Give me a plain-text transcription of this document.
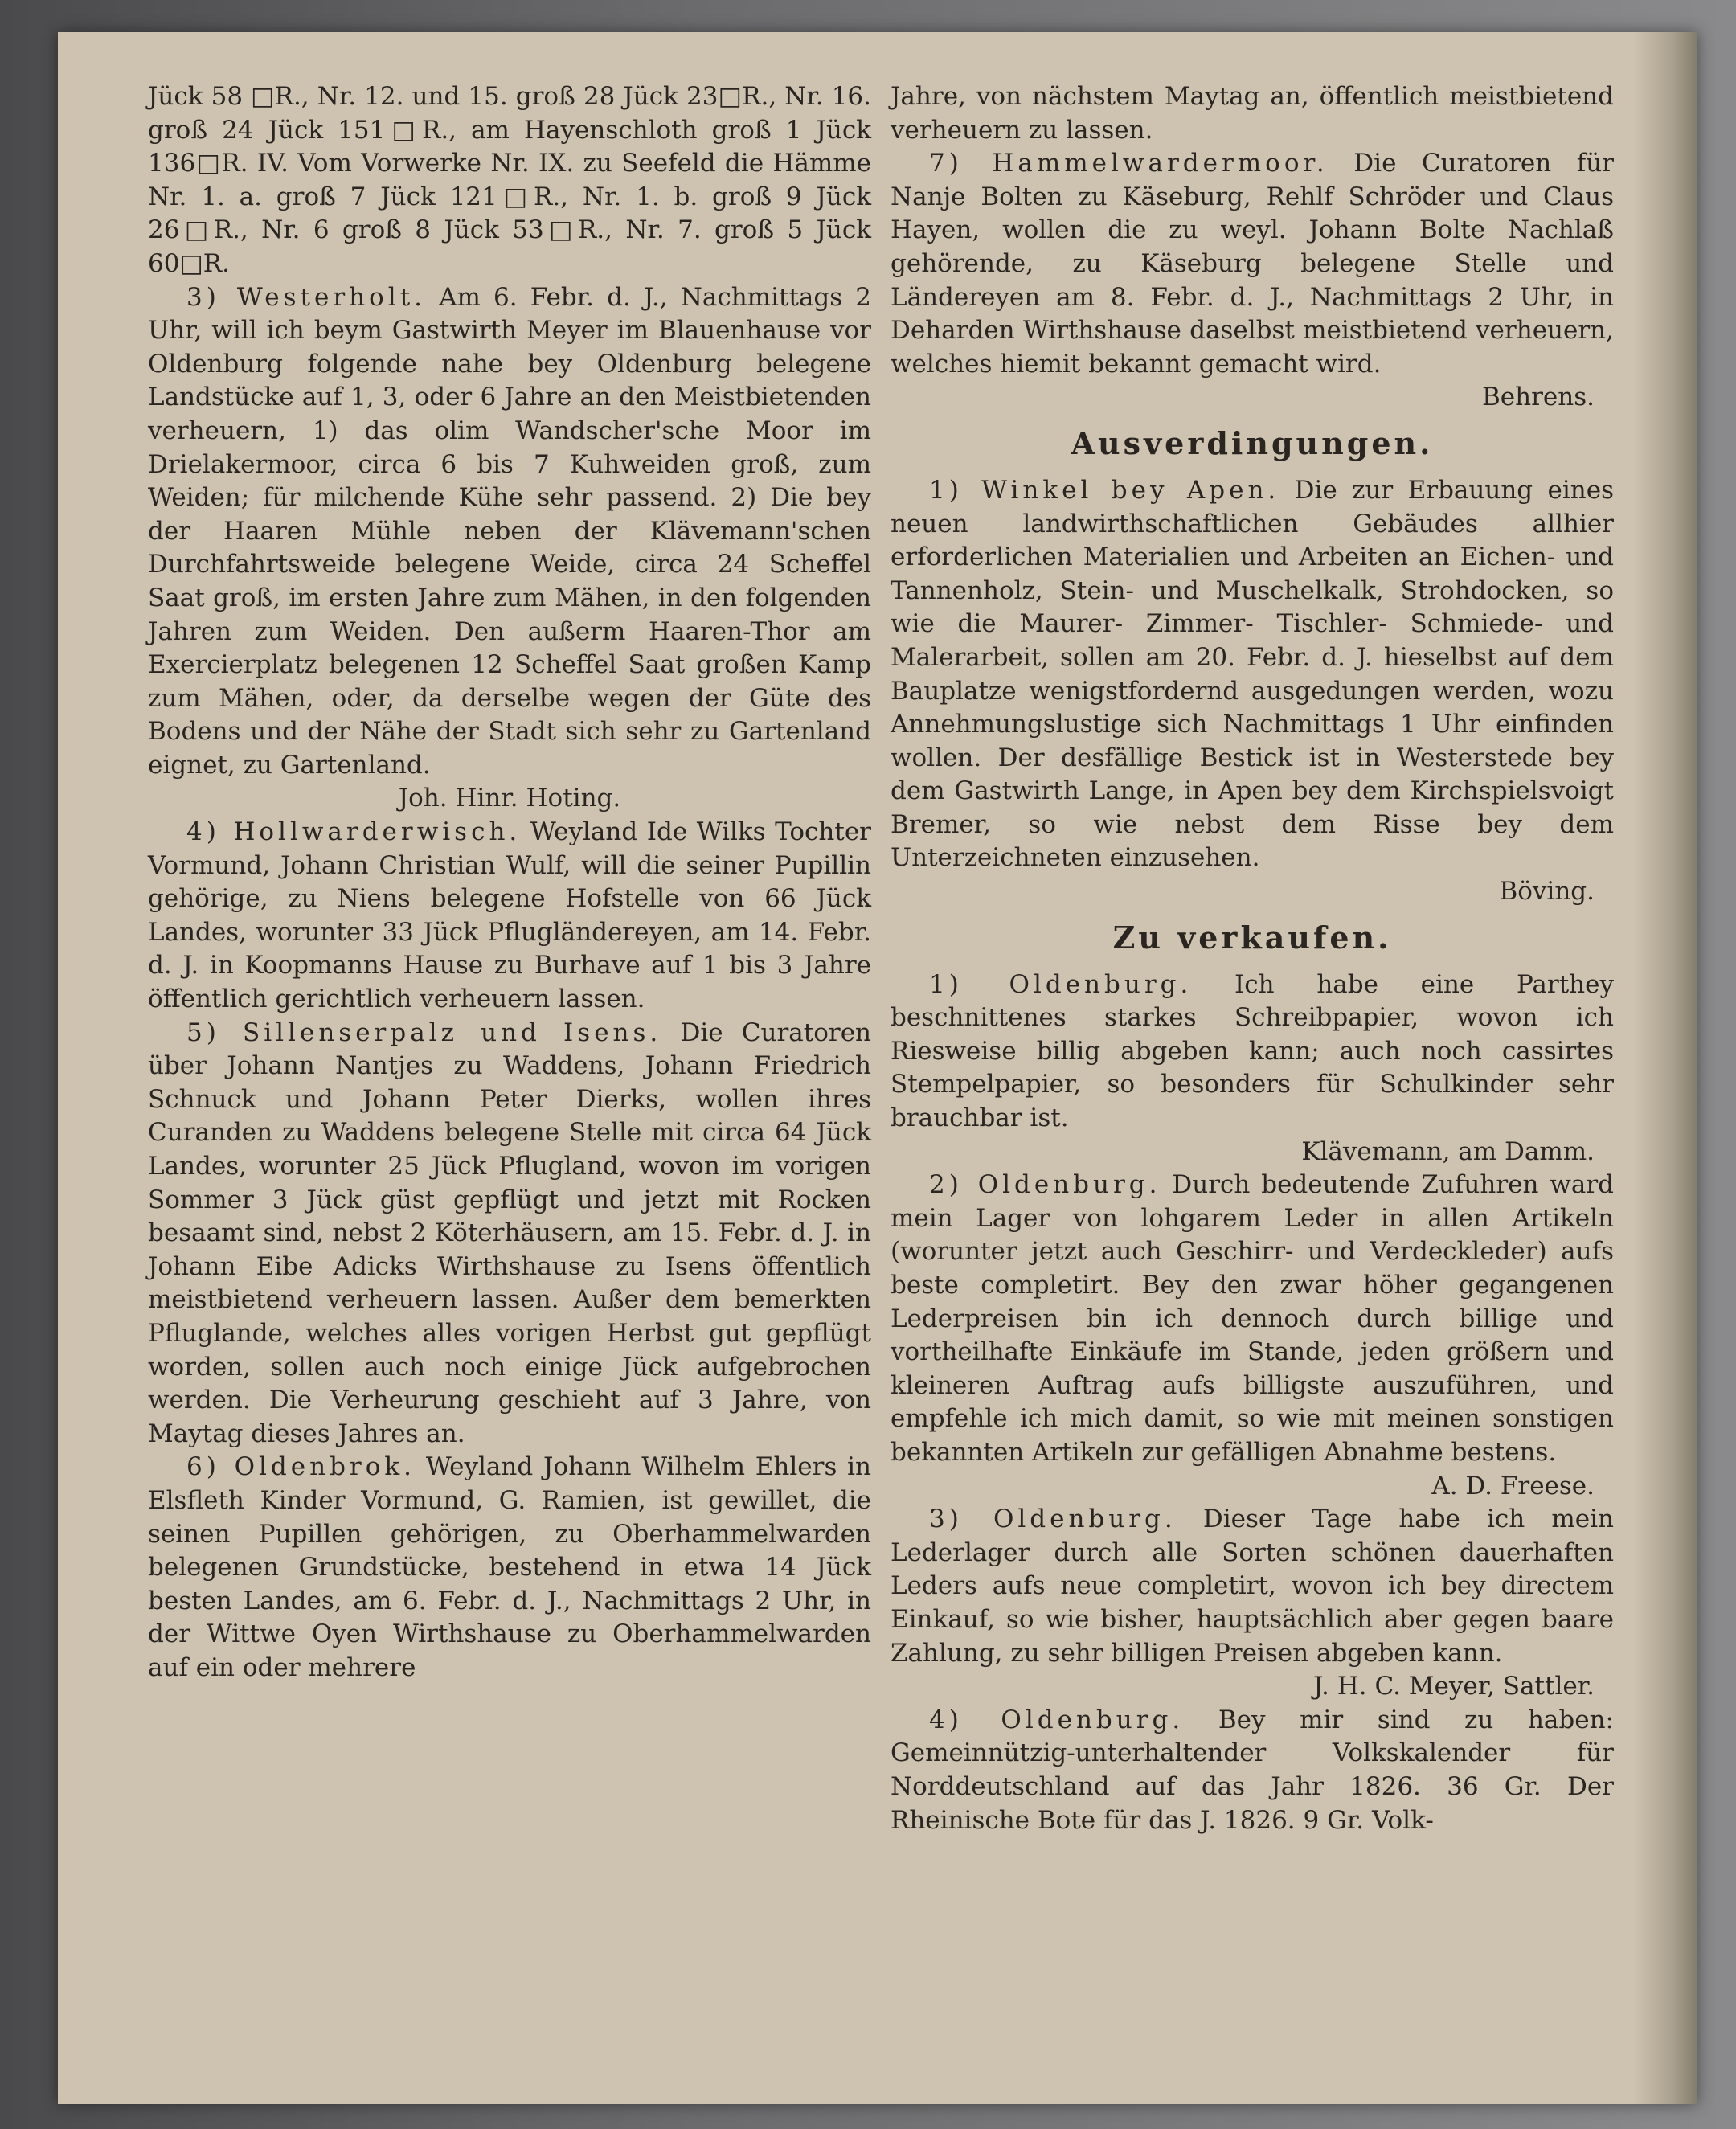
Jück 58 □R., Nr. 12. und 15. groß 28 Jück 23□R., Nr. 16. groß 24 Jück 151□R., am Hayenschloth groß 1 Jück 136□R. IV. Vom Vorwerke Nr. IX. zu Seefeld die Hämme Nr. 1. a. groß 7 Jück 121□R., Nr. 1. b. groß 9 Jück 26□R., Nr. 6 groß 8 Jück 53□R., Nr. 7. groß 5 Jück 60□R.

3) Westerholt. Am 6. Febr. d. J., Nachmittags 2 Uhr, will ich beym Gastwirth Meyer im Blauenhause vor Oldenburg folgende nahe bey Oldenburg belegene Landstücke auf 1, 3, oder 6 Jahre an den Meistbietenden verheuern, 1) das olim Wandscher'sche Moor im Drielakermoor, circa 6 bis 7 Kuhweiden groß, zum Weiden; für milchende Kühe sehr passend. 2) Die bey der Haaren Mühle neben der Klävemann'schen Durchfahrtsweide belegene Weide, circa 24 Scheffel Saat groß, im ersten Jahre zum Mähen, in den folgenden Jahren zum Weiden. Den außerm Haaren-Thor am Exercierplatz belegenen 12 Scheffel Saat großen Kamp zum Mähen, oder, da derselbe wegen der Güte des Bodens und der Nähe der Stadt sich sehr zu Gartenland eignet, zu Gartenland.

Joh. Hinr. Hoting.

4) Hollwarderwisch. Weyland Ide Wilks Tochter Vormund, Johann Christian Wulf, will die seiner Pupillin gehörige, zu Niens belegene Hofstelle von 66 Jück Landes, worunter 33 Jück Pflugländereyen, am 14. Febr. d. J. in Koopmanns Hause zu Burhave auf 1 bis 3 Jahre öffentlich gerichtlich verheuern lassen.

5) Sillenserpalz und Isens. Die Curatoren über Johann Nantjes zu Waddens, Johann Friedrich Schnuck und Johann Peter Dierks, wollen ihres Curanden zu Waddens belegene Stelle mit circa 64 Jück Landes, worunter 25 Jück Pflugland, wovon im vorigen Sommer 3 Jück güst gepflügt und jetzt mit Rocken besaamt sind, nebst 2 Köterhäusern, am 15. Febr. d. J. in Johann Eibe Adicks Wirthshause zu Isens öffentlich meistbietend verheuern lassen. Außer dem bemerkten Pfluglande, welches alles vorigen Herbst gut gepflügt worden, sollen auch noch einige Jück aufgebrochen werden. Die Verheurung geschieht auf 3 Jahre, von Maytag dieses Jahres an.

6) Oldenbrok. Weyland Johann Wilhelm Ehlers in Elsfleth Kinder Vormund, G. Ramien, ist gewillet, die seinen Pupillen gehörigen, zu Oberhammelwarden belegenen Grundstücke, bestehend in etwa 14 Jück besten Landes, am 6. Febr. d. J., Nachmittags 2 Uhr, in der Wittwe Oyen Wirthshause zu Oberhammelwarden auf ein oder mehrere

Jahre, von nächstem Maytag an, öffentlich meistbietend verheuern zu lassen.

7) Hammelwardermoor. Die Curatoren für Nanje Bolten zu Käseburg, Rehlf Schröder und Claus Hayen, wollen die zu weyl. Johann Bolte Nachlaß gehörende, zu Käseburg belegene Stelle und Ländereyen am 8. Febr. d. J., Nachmittags 2 Uhr, in Deharden Wirthshause daselbst meistbietend verheuern, welches hiemit bekannt gemacht wird.

Behrens.
Ausverdingungen.

1) Winkel bey Apen. Die zur Erbauung eines neuen landwirthschaftlichen Gebäudes allhier erforderlichen Materialien und Arbeiten an Eichen- und Tannenholz, Stein- und Muschelkalk, Strohdocken, so wie die Maurer- Zimmer- Tischler- Schmiede- und Malerarbeit, sollen am 20. Febr. d. J. hieselbst auf dem Bauplatze wenigstfordernd ausgedungen werden, wozu Annehmungslustige sich Nachmittags 1 Uhr einfinden wollen. Der desfällige Bestick ist in Westerstede bey dem Gastwirth Lange, in Apen bey dem Kirchspielsvoigt Bremer, so wie nebst dem Risse bey dem Unterzeichneten einzusehen.

Böving.
Zu verkaufen.

1) Oldenburg. Ich habe eine Parthey beschnittenes starkes Schreibpapier, wovon ich Riesweise billig abgeben kann; auch noch cassirtes Stempelpapier, so besonders für Schulkinder sehr brauchbar ist.

Klävemann, am Damm.

2) Oldenburg. Durch bedeutende Zufuhren ward mein Lager von lohgarem Leder in allen Artikeln (worunter jetzt auch Geschirr- und Verdeckleder) aufs beste completirt. Bey den zwar höher gegangenen Lederpreisen bin ich dennoch durch billige und vortheilhafte Einkäufe im Stande, jeden größern und kleineren Auftrag aufs billigste auszuführen, und empfehle ich mich damit, so wie mit meinen sonstigen bekannten Artikeln zur gefälligen Abnahme bestens.

A. D. Freese.

3) Oldenburg. Dieser Tage habe ich mein Lederlager durch alle Sorten schönen dauerhaften Leders aufs neue completirt, wovon ich bey directem Einkauf, so wie bisher, hauptsächlich aber gegen baare Zahlung, zu sehr billigen Preisen abgeben kann.

J. H. C. Meyer, Sattler.

4) Oldenburg. Bey mir sind zu haben: Gemeinnützig-unterhaltender Volkskalender für Norddeutschland auf das Jahr 1826. 36 Gr. Der Rheinische Bote für das J. 1826. 9 Gr. Volk-
